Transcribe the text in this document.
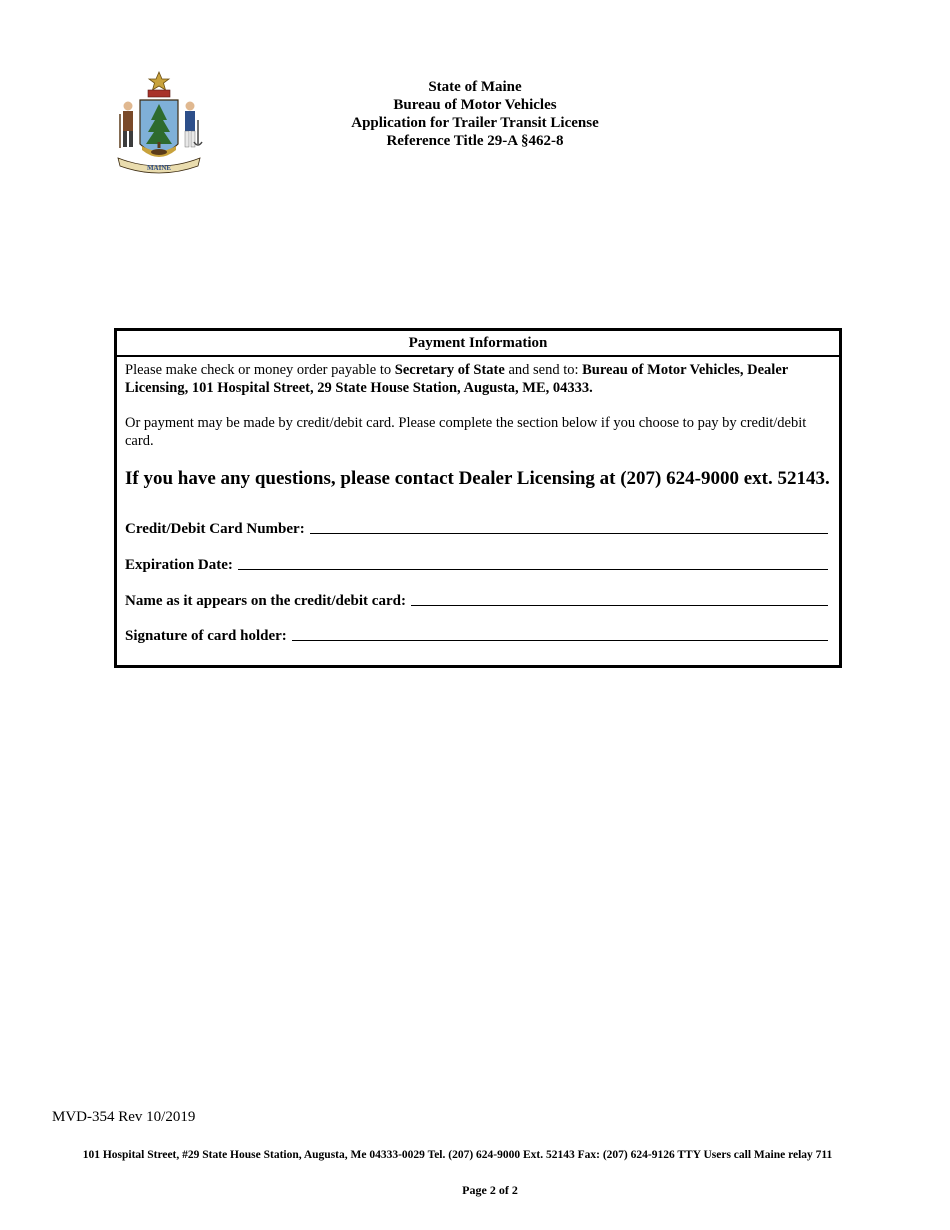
MAINE
State of Maine
Bureau of Motor Vehicles
Application for Trailer Transit License
Reference Title 29-A §462-8
Payment Information

Please make check or money order payable to Secretary of State and send to: Bureau of Motor Vehicles, Dealer Licensing, 101 Hospital Street, 29 State House Station, Augusta, ME, 04333.

Or payment may be made by credit/debit card. Please complete the section below if you choose to pay by credit/debit card.

If you have any questions, please contact Dealer Licensing at (207) 624-9000 ext. 52143.

Credit/Debit Card Number:
Expiration Date:
Name as it appears on the credit/debit card:
Signature of card holder:
MVD-354 Rev 10/2019
101 Hospital Street, #29 State House Station, Augusta, Me 04333-0029 Tel. (207) 624-9000 Ext. 52143 Fax: (207) 624-9126 TTY Users call Maine relay 711
Page 2 of 2
